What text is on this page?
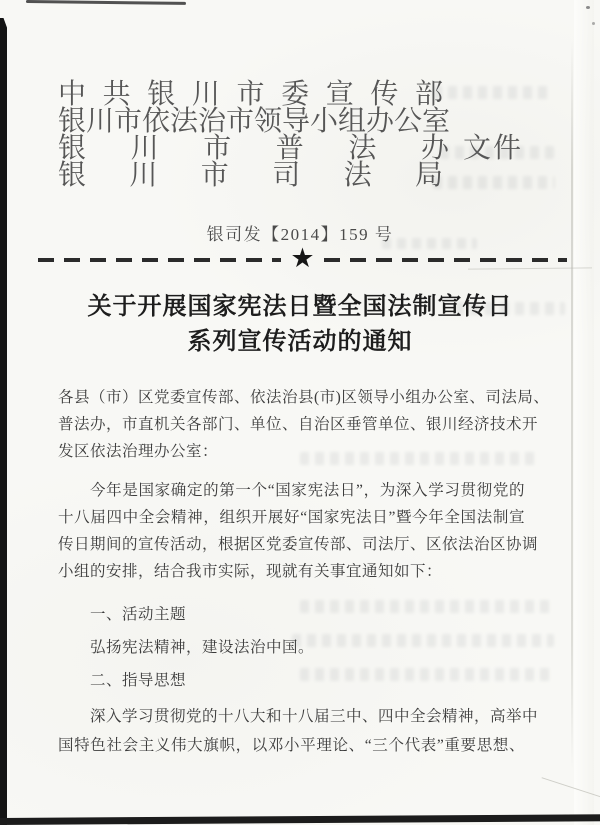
中共银川市委宣传部
银川市依法治市领导小组办公室
银川市普法办 文件
银川市司法局
银司发【2014】159 号
★
关于开展国家宪法日暨全国法制宣传日
系列宣传活动的通知
各县（市）区党委宣传部、依法治县(市)区领导小组办公室、司法局、
普法办，市直机关各部门、单位、自治区垂管单位、银川经济技术开
发区依法治理办公室：
今年是国家确定的第一个“国家宪法日”，为深入学习贯彻党的
十八届四中全会精神，组织开展好“国家宪法日”暨今年全国法制宣
传日期间的宣传活动，根据区党委宣传部、司法厅、区依法治区协调
小组的安排，结合我市实际，现就有关事宜通知如下：
一、活动主题
弘扬宪法精神，建设法治中国。
二、指导思想
深入学习贯彻党的十八大和十八届三中、四中全会精神，高举中
国特色社会主义伟大旗帜，以邓小平理论、“三个代表”重要思想、
